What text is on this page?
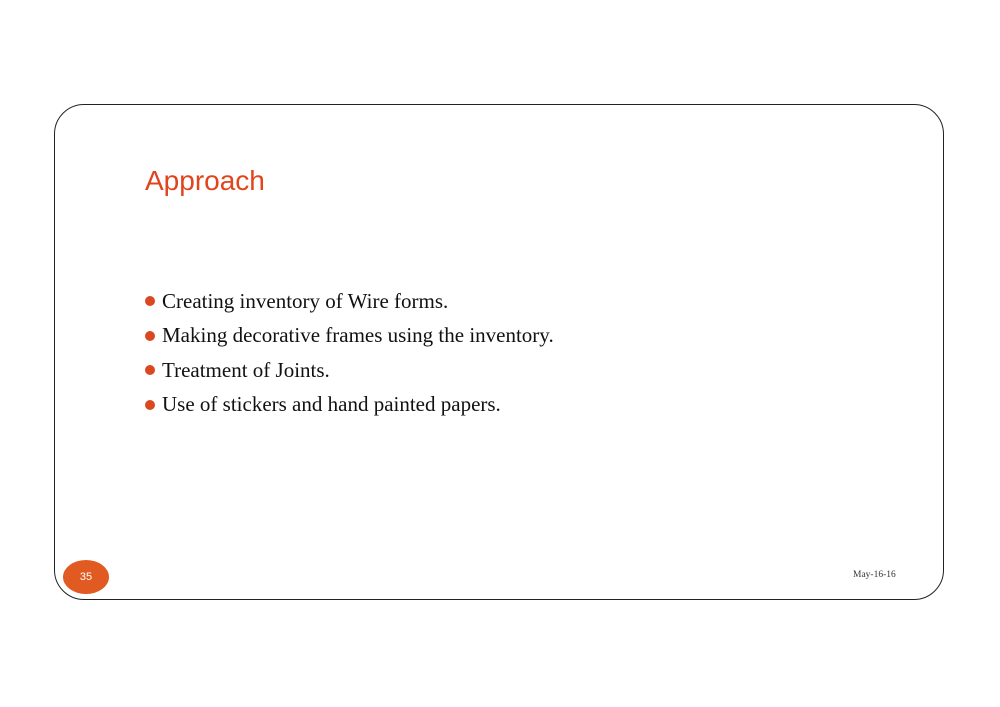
Approach
Creating inventory of Wire forms.
Making decorative frames using the inventory.
Treatment of Joints.
Use of stickers and hand painted papers.
35	May-16-16
